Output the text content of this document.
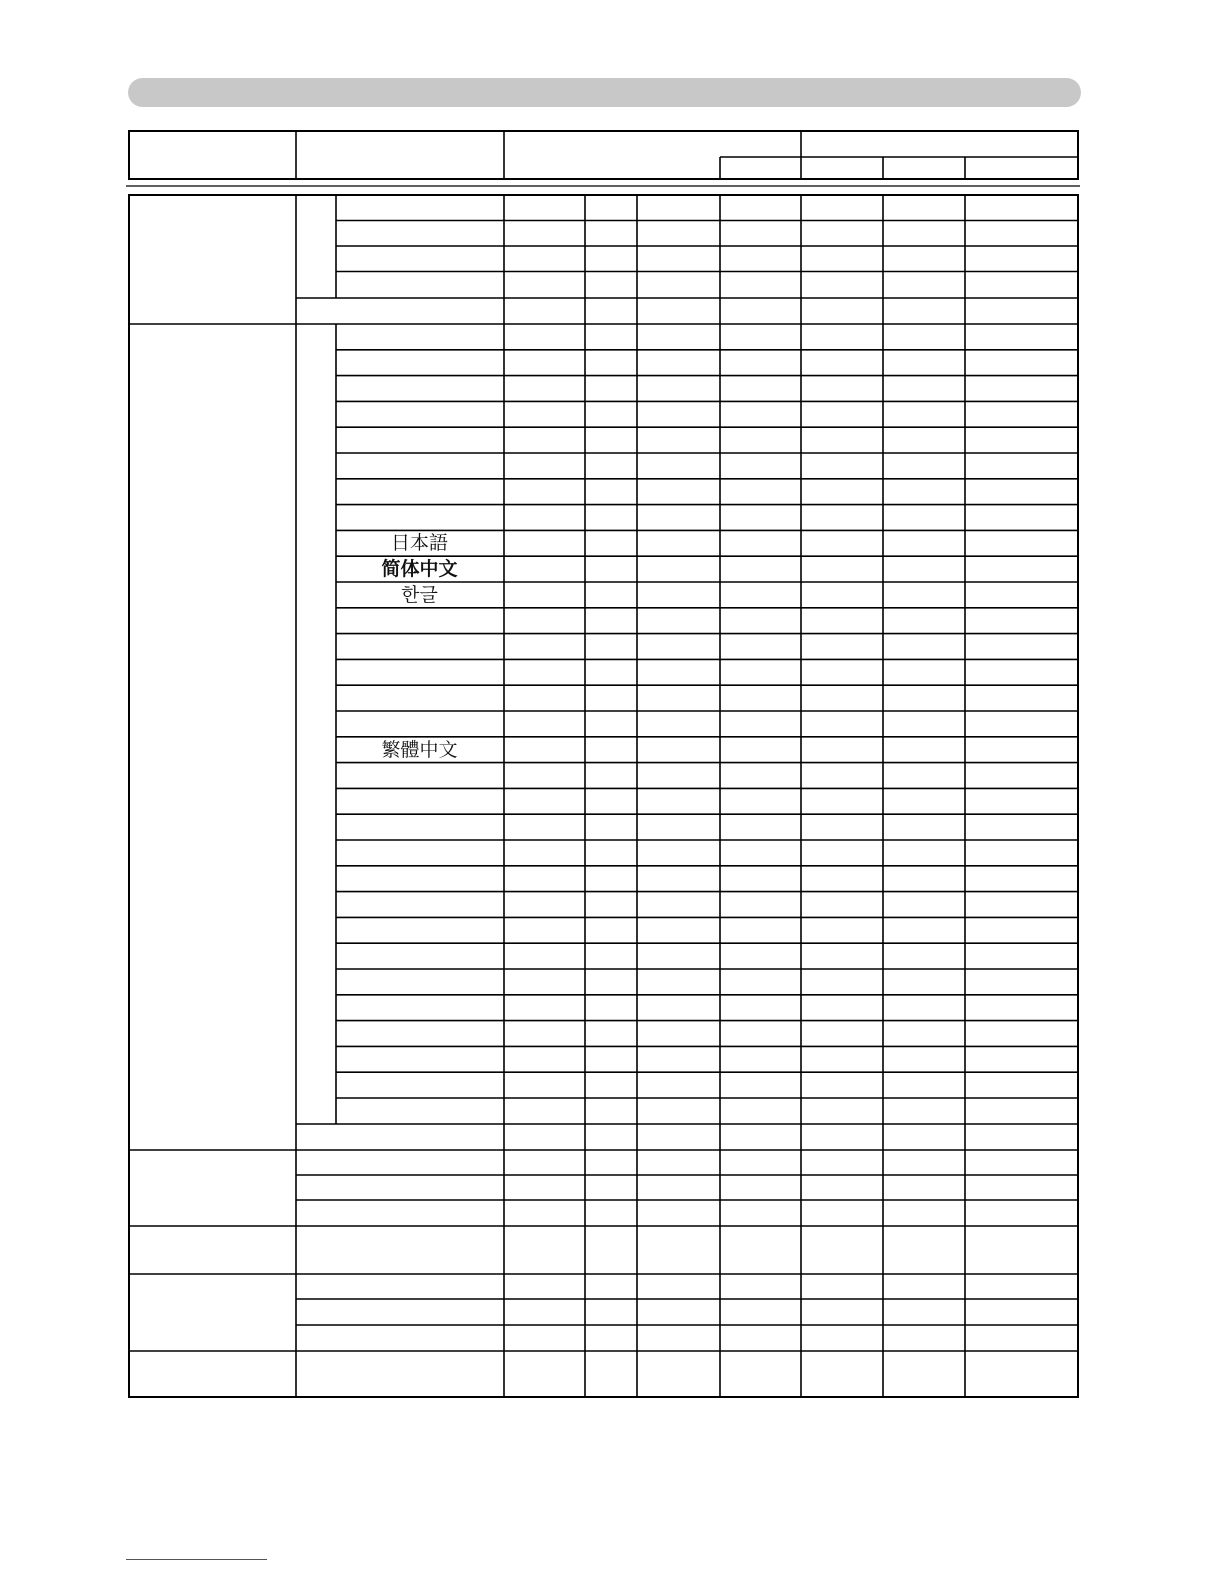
日本語
简体中文
한글
繁體中文
